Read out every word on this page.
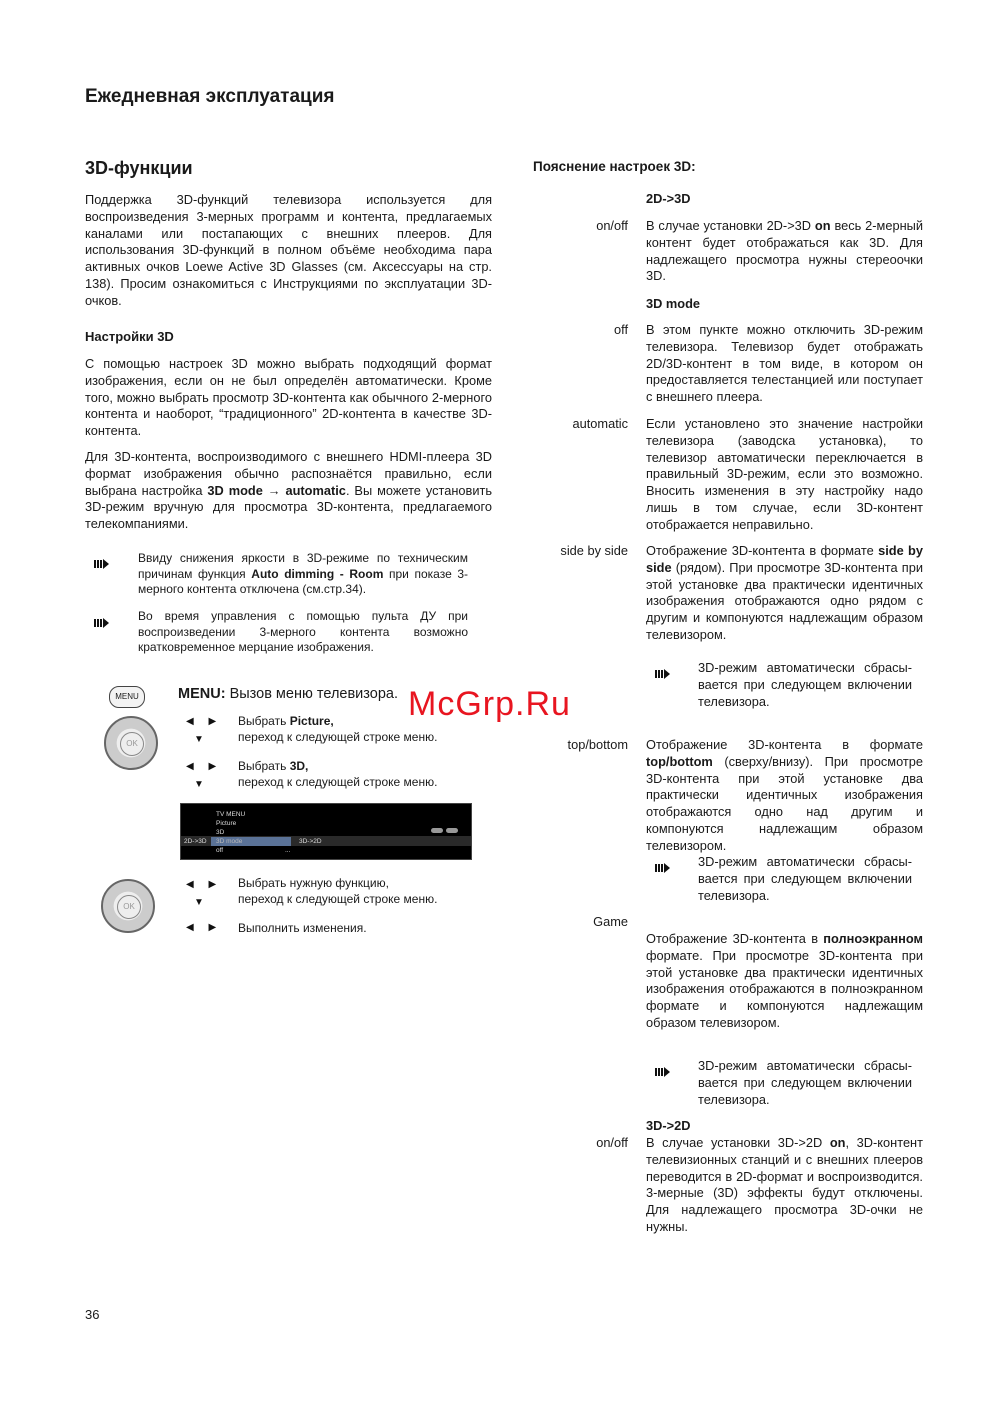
Ежедневная эксплуатация
3D-функции
Поддержка 3D-функций телевизора используется для воспроизведения 3-мерных программ и контента, предлагаемых каналами или постапающих с внешних плееров. Для использования 3D-функций в полном объёме необходима пара активных очков Loewe Active 3D Glasses (см. Аксессуары на стр. 138). Просим ознакомиться с Инструкциями по эксплуатации 3D-очков.
Настройки 3D
С помощью настроек 3D можно выбрать подходящий формат изображения, если он не был определён автоматически. Кроме того, можно выбрать просмотр 3D-контента как обычного 2-мерного контента и наоборот, “традиционного” 2D-контента в качестве 3D-контента.
Для 3D-контента, воспроизводимого с внешнего HDMI-плеера 3D формат изображения обычно распознаётся правильно, если выбрана настройка 3D mode → automatic. Вы можете установить 3D-режим вручную для просмотра 3D-контента, предлагаемого телекомпаниями.
Ввиду снижения яркости в 3D-режиме по техническим причинам функция Auto dimming - Room при показе 3-мерного контента отключена (см.стр.34).
Во время управления с помощью пульта ДУ при воспроизведении 3-мерного контента возможно кратковременное мерцание изображения.
MENU	MENU: Вызов меню телевизора.
OK
◀ ▶
▼
Выбрать Picture,
переход к следующей строке меню.
◀ ▶
▼
Выбрать 3D,
переход к следующей строке меню.
TV MENU
Picture
3D
3D mode
off
2D->3D	3D->2D
...
OK
◀ ▶
▼
Выбрать нужную функцию,
переход к следующей строке меню.
◀ ▶ Выполнить изменения.
McGrp.Ru
Пояснение настроек 3D:
2D->3D
on/off В случае установки 2D->3D on весь 2-мерный контент будет отображаться как 3D. Для надлежащего просмотра нужны стереоочки 3D.
3D mode
off В этом пункте можно отключить 3D-режим телевизора. Телевизор будет отображать 2D/3D-контент в том виде, в котором он предоставляется телестанцией или поступает с внешнего плеера.
automatic Если установлено это значение настройки телевизора (заводска установка), то телевизор автоматически переключается в правильный 3D-режим, если это возможно. Вносить изменения в эту настройку надо лишь в том случае, если 3D-контент отображается неправильно.
side by side Отображение 3D-контента в формате side by side (рядом). При просмотре 3D-контента при этой установке два практически идентичных изображения отображаются одно рядом с другим и компонуются надлежащим образом телевизором.
3D-режим автоматически сбрасы-вается при следующем включении телевизора.
top/bottom Отображение 3D-контента в формате top/bottom (сверху/внизу). При просмотре 3D-контента при этой установке два практически идентичных изображения отображаются одно над другим и компонуются надлежащим образом телевизором.
3D-режим автоматически сбрасы-вается при следующем включении телевизора.
Game
Отображение 3D-контента в полноэкранном формате. При просмотре 3D-контента при этой установке два практически идентичных изображения отображаются в полноэкранном формате и компонуются надлежащим образом телевизором.
3D-режим автоматически сбрасы-вается при следующем включении телевизора.
3D->2D
on/off В случае установки 3D->2D on, 3D-контент телевизионных станций и с внешних плееров переводится в 2D-формат и воспроизводится. 3-мерные (3D) эффекты будут отключены. Для надлежащего просмотра 3D-очки не нужны.
36
